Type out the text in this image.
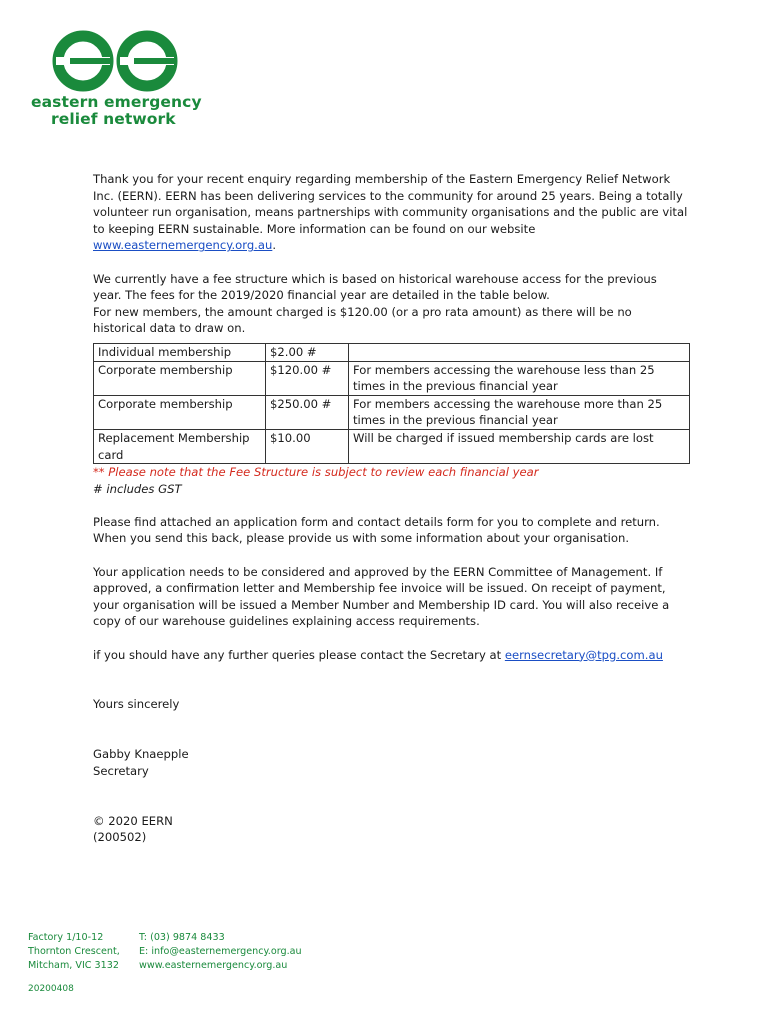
eastern emergency
relief network

Thank you for your recent enquiry regarding membership of the Eastern Emergency Relief Network Inc. (EERN). EERN has been delivering services to the community for around 25 years. Being a totally volunteer run organisation, means partnerships with community organisations and the public are vital to keeping EERN sustainable. More information can be found on our website www.easternemergency.org.au.

We currently have a fee structure which is based on historical warehouse access for the previous year. The fees for the 2019/2020 financial year are detailed in the table below.
For new members, the amount charged is $120.00 (or a pro rata amount) as there will be no historical data to draw on.
Individual membership	$2.00 #	
Corporate membership	$120.00 #	For members accessing the warehouse less than 25 times in the previous financial year
Corporate membership	$250.00 #	For members accessing the warehouse more than 25 times in the previous financial year
Replacement Membership card	$10.00	Will be charged if issued membership cards are lost

** Please note that the Fee Structure is subject to review each financial year

# includes GST

Please find attached an application form and contact details form for you to complete and return. When you send this back, please provide us with some information about your organisation.

Your application needs to be considered and approved by the EERN Committee of Management. If approved, a confirmation letter and Membership fee invoice will be issued. On receipt of payment, your organisation will be issued a Member Number and Membership ID card. You will also receive a copy of our warehouse guidelines explaining access requirements.

if you should have any further queries please contact the Secretary at eernsecretary@tpg.com.au

Yours sincerely

Gabby Knaepple
Secretary
© 2020 EERN
(200502)
Factory 1/10-12
Thornton Crescent,
Mitcham, VIC 3132
T: (03) 9874 8433
E: info@easternemergency.org.au
www.easternemergency.org.au
20200408
